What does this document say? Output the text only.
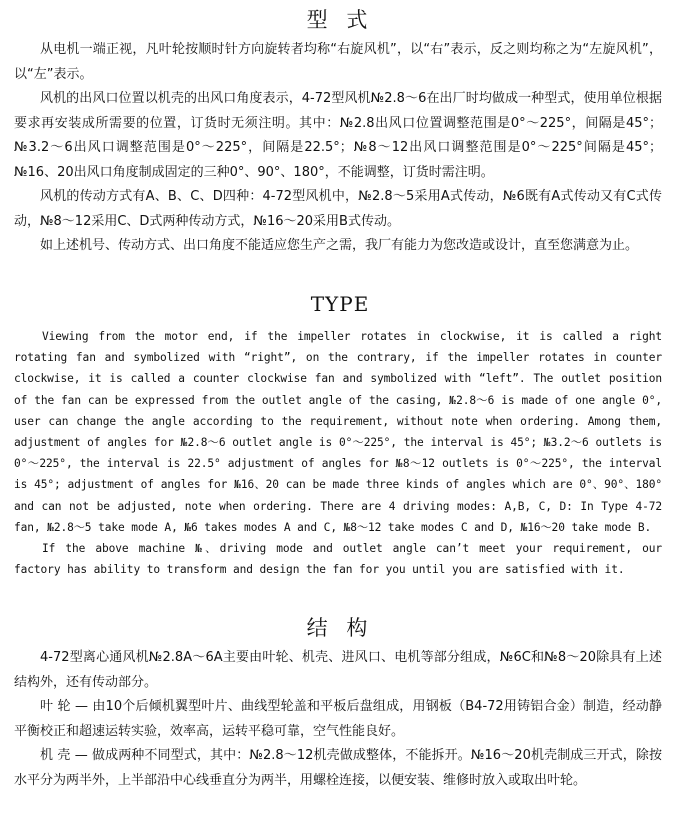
型 式

从电机一端正视，凡叶轮按顺时针方向旋转者均称“右旋风机”，以“右”表示，反之则均称之为“左旋风机”，以“左”表示。

风机的出风口位置以机壳的出风口角度表示，4-72型风机№2.8～6在出厂时均做成一种型式，使用单位根据要求再安装成所需要的位置，订货时无须注明。其中：№2.8出风口位置调整范围是0°～225°，间隔是45°；№3.2～6出风口调整范围是0°～225°，间隔是22.5°；№8～12出风口调整范围是0°～225°间隔是45°；№16、20出风口角度制成固定的三种0°、90°、180°，不能调整，订货时需注明。

风机的传动方式有A、B、C、D四种：4-72型风机中，№2.8～5采用A式传动，№6既有A式传动又有C式传动，№8～12采用C、D式两种传动方式，№16～20采用B式传动。

如上述机号、传动方式、出口角度不能适应您生产之需，我厂有能力为您改造或设计，直至您满意为止。

TYPE

Viewing from the motor end, if the impeller rotates in clockwise, it is called a right rotating fan and symbolized with “right”, on the contrary, if the impeller rotates in counter clockwise, it is called a counter clockwise fan and symbolized with “left”. The outlet position of the fan can be expressed from the outlet angle of the casing, №2.8～6 is made of one angle 0°, user can change the angle according to the requirement, without note when ordering. Among them, adjustment of angles for №2.8～6 outlet angle is 0°～225°, the interval is 45°; №3.2～6 outlets is 0°～225°, the interval is 22.5° adjustment of angles for №8～12 outlets is 0°～225°, the interval is 45°; adjustment of angles for №16、20 can be made three kinds of angles which are 0°、90°、180° and can not be adjusted, note when ordering. There are 4 driving modes: A,B, C, D: In Type 4-72 fan, №2.8～5 take mode A, №6 takes modes A and C, №8～12 take modes C and D, №16～20 take mode B.

If the above machine №、driving mode and outlet angle can’t meet your requirement, our factory has ability to transform and design the fan for you until you are satisfied with it.

结 构

4-72型离心通风机№2.8A～6A主要由叶轮、机壳、进风口、电机等部分组成，№6C和№8～20除具有上述结构外，还有传动部分。

叶 轮 — 由10个后倾机翼型叶片、曲线型轮盖和平板后盘组成，用钢板（B4-72用铸铝合金）制造，经动静平衡校正和超速运转实验，效率高，运转平稳可靠，空气性能良好。

机 壳 — 做成两种不同型式，其中：№2.8～12机壳做成整体，不能拆开。№16～20机壳制成三开式，除按水平分为两半外，上半部沿中心线垂直分为两半，用螺栓连接，以便安装、维修时放入或取出叶轮。
